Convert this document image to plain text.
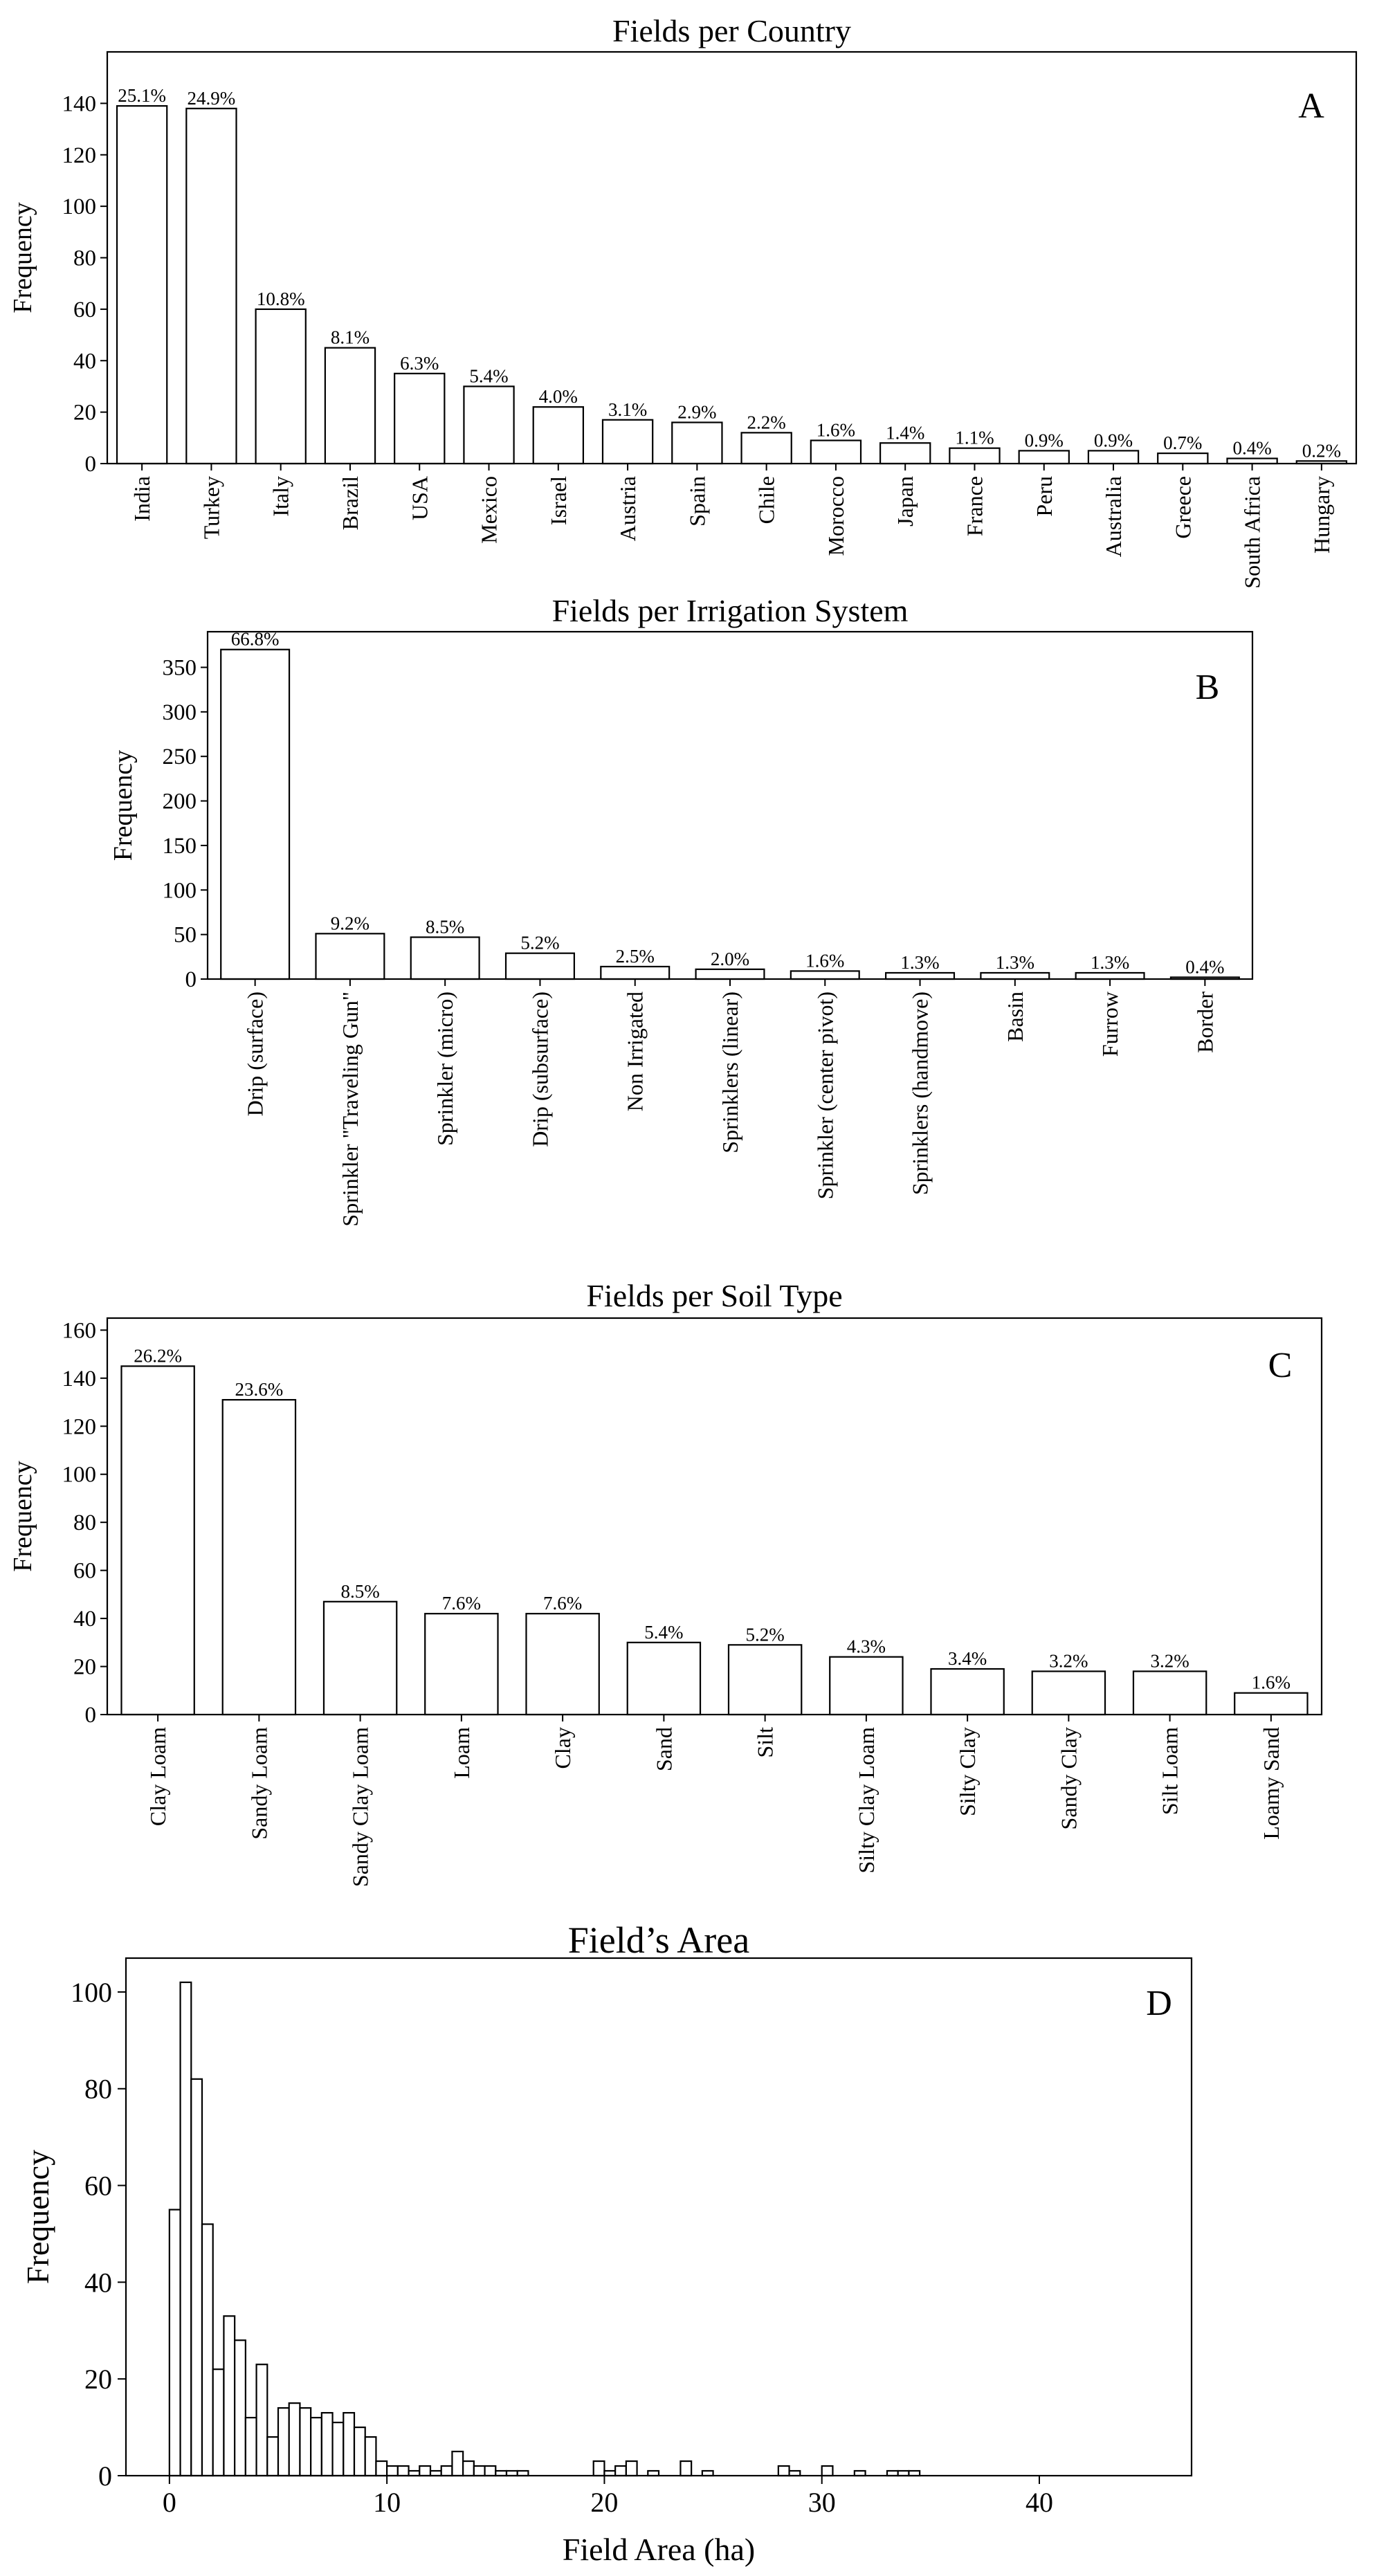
Fields per Country
0
20
40
60
80
100
120
140
Frequency
25.1%
India
24.9%
Turkey
10.8%
Italy
8.1%
Brazil
6.3%
USA
5.4%
Mexico
4.0%
Israel
3.1%
Austria
2.9%
Spain
2.2%
Chile
1.6%
Morocco
1.4%
Japan
1.1%
France
0.9%
Peru
0.9%
Australia
0.7%
Greece
0.4%
South Africa
0.2%
Hungary
A
Fields per Irrigation System
0
50
100
150
200
250
300
350
Frequency
66.8%
Drip (surface)
9.2%
Sprinkler "Traveling Gun"
8.5%
Sprinkler (micro)
5.2%
Drip (subsurface)
2.5%
Non Irrigated
2.0%
Sprinklers (linear)
1.6%
Sprinkler (center pivot)
1.3%
Sprinklers (handmove)
1.3%
Basin
1.3%
Furrow
0.4%
Border
B
Fields per Soil Type
0
20
40
60
80
100
120
140
160
Frequency
26.2%
Clay Loam
23.6%
Sandy Loam
8.5%
Sandy Clay Loam
7.6%
Loam
7.6%
Clay
5.4%
Sand
5.2%
Silt
4.3%
Silty Clay Loam
3.4%
Silty Clay
3.2%
Sandy Clay
3.2%
Silt Loam
1.6%
Loamy Sand
C
Field’s Area
0	10	20	30	40
0
20
40
60
80
100
Field Area (ha)
Frequency
D
